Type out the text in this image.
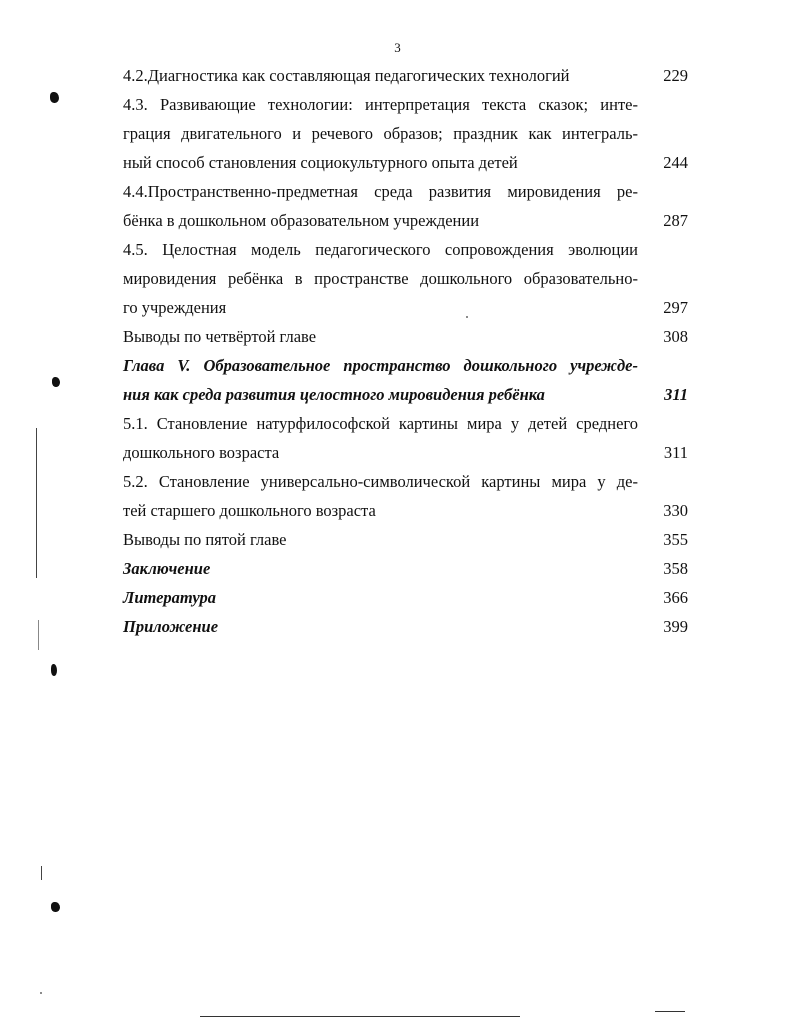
3
4.2.Диагностика как составляющая педагогических технологий	229
4.3. Развивающие технологии: интерпретация текста сказок; инте-
грация двигательного и речевого образов; праздник как интеграль-
ный способ становления социокультурного опыта детей	244
4.4.Пространственно-предметная среда развития мировидения ре-
бёнка в дошкольном образовательном учреждении	287
4.5. Целостная модель педагогического сопровождения эволюции
мировидения ребёнка в пространстве дошкольного образовательно-
го учреждения	297
Выводы по четвёртой главе	308
Глава V. Образовательное пространство дошкольного учрежде-
ния как среда развития целостного мировидения ребёнка	311
5.1. Становление натурфилософской картины мира у детей среднего
дошкольного возраста	311
5.2. Становление универсально-символической картины мира у де-
тей старшего дошкольного возраста	330
Выводы по пятой главе	355
Заключение	358
Литература	366
Приложение	399
